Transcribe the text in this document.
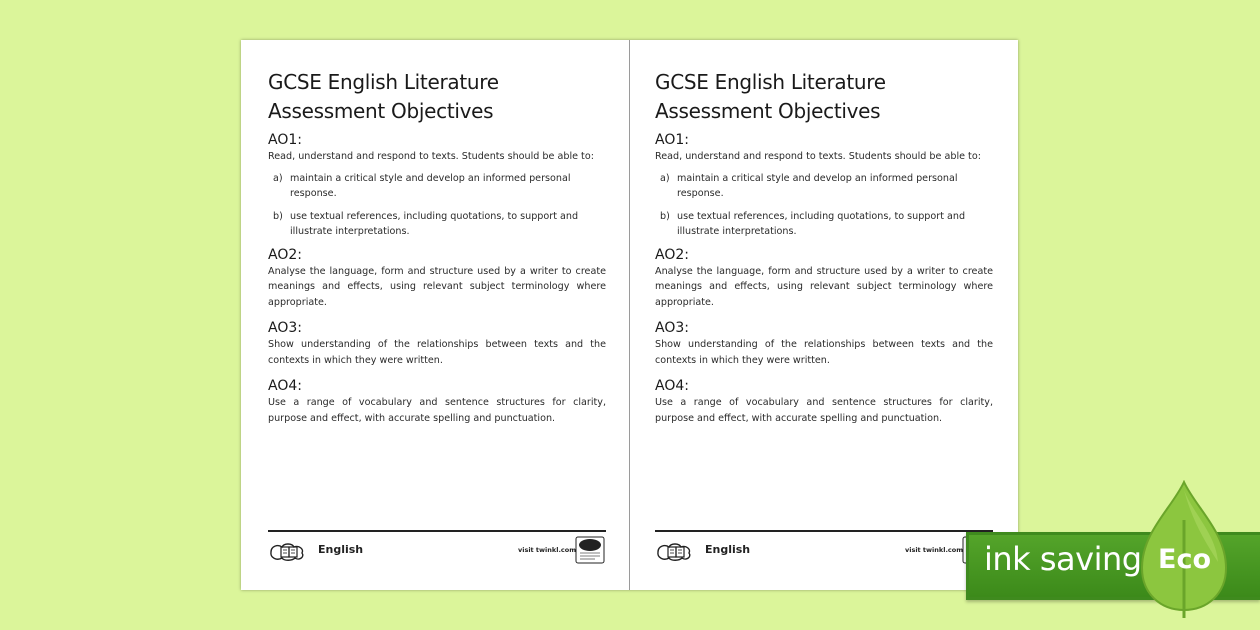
GCSE English Literature
Assessment Objectives
AO1:

Read, understand and respond to texts. Students should be able to:

a) maintain a critical style and develop an informed personal response.
b) use textual references, including quotations, to support and illustrate interpretations.
AO2:

Analyse the language, form and structure used by a writer to create meanings and effects, using relevant subject terminology where appropriate.

AO3:

Show understanding of the relationships between texts and the contexts in which they were written.

AO4:

Use a range of vocabulary and sentence structures for clarity, purpose and effect, with accurate spelling and punctuation.

English	visit twinkl.com
GCSE English Literature
Assessment Objectives
AO1:

Read, understand and respond to texts. Students should be able to:

a) maintain a critical style and develop an informed personal response.
b) use textual references, including quotations, to support and illustrate interpretations.
AO2:

Analyse the language, form and structure used by a writer to create meanings and effects, using relevant subject terminology where appropriate.

AO3:

Show understanding of the relationships between texts and the contexts in which they were written.

AO4:

Use a range of vocabulary and sentence structures for clarity, purpose and effect, with accurate spelling and punctuation.

English	visit twinkl.com ink saving Eco
